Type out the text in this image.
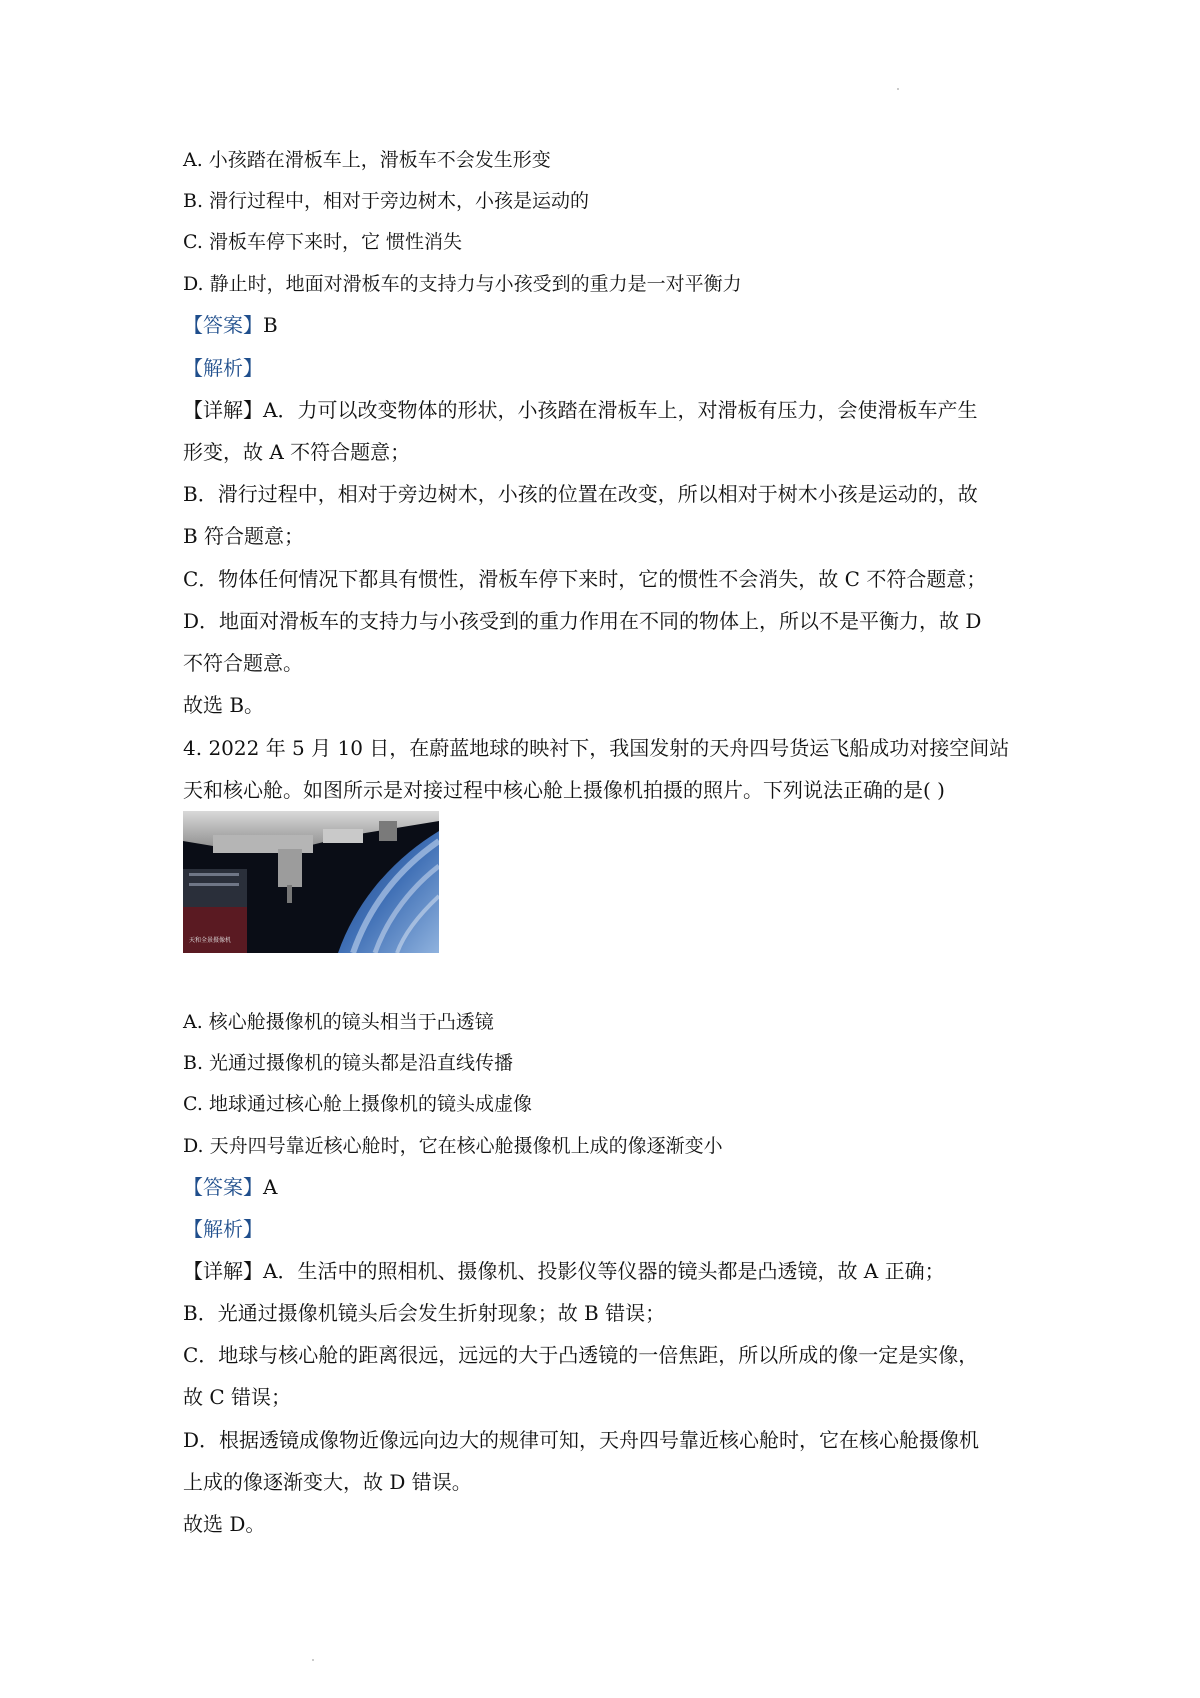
A. 小孩踏在滑板车上，滑板车不会发生形变
B. 滑行过程中，相对于旁边树木，小孩是运动的
C. 滑板车停下来时，它 惯性消失
D. 静止时，地面对滑板车的支持力与小孩受到的重力是一对平衡力
【答案】B
【解析】
【详解】A．力可以改变物体的形状，小孩踏在滑板车上，对滑板有压力，会使滑板车产生
形变，故 A 不符合题意；
B．滑行过程中，相对于旁边树木，小孩的位置在改变，所以相对于树木小孩是运动的，故
B 符合题意；
C．物体任何情况下都具有惯性，滑板车停下来时，它的惯性不会消失，故 C 不符合题意；
D．地面对滑板车的支持力与小孩受到的重力作用在不同的物体上，所以不是平衡力，故 D
不符合题意。
故选 B。
4. 2022 年 5 月 10 日，在蔚蓝地球的映衬下，我国发射的天舟四号货运飞船成功对接空间站
天和核心舱。如图所示是对接过程中核心舱上摄像机拍摄的照片。下列说法正确的是( )
天和全景摄像机
A. 核心舱摄像机的镜头相当于凸透镜
B. 光通过摄像机的镜头都是沿直线传播
C. 地球通过核心舱上摄像机的镜头成虚像
D. 天舟四号靠近核心舱时，它在核心舱摄像机上成的像逐渐变小
【答案】A
【解析】
【详解】A．生活中的照相机、摄像机、投影仪等仪器的镜头都是凸透镜，故 A 正确；
B．光通过摄像机镜头后会发生折射现象；故 B 错误；
C．地球与核心舱的距离很远，远远的大于凸透镜的一倍焦距，所以所成的像一定是实像，
故 C 错误；
D．根据透镜成像物近像远向边大的规律可知，天舟四号靠近核心舱时，它在核心舱摄像机
上成的像逐渐变大，故 D 错误。
故选 D。
